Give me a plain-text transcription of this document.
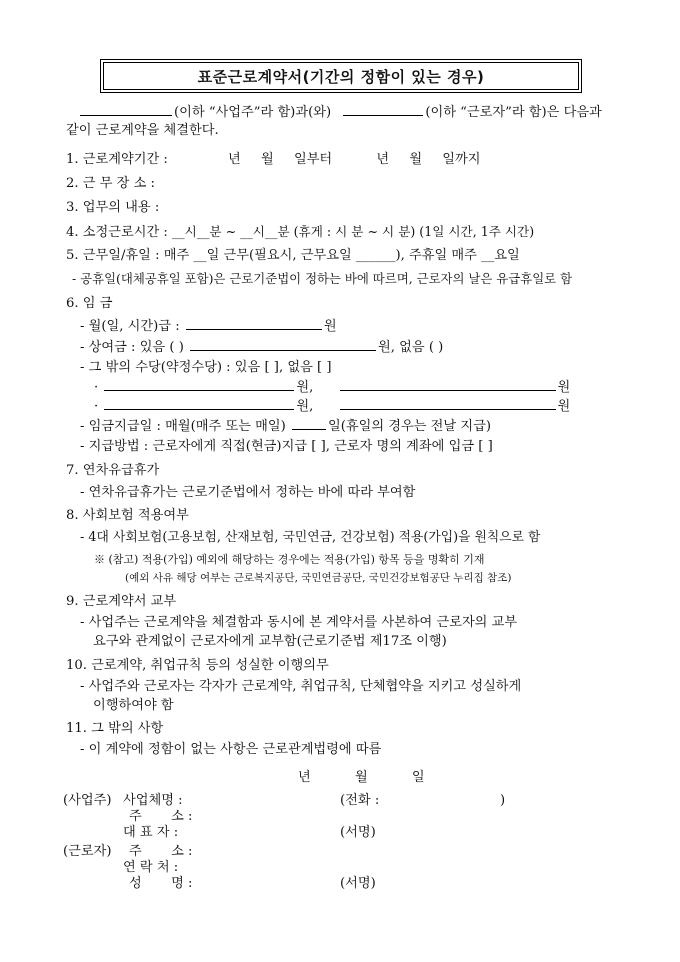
표준근로계약서(기간의 정함이 있는 경우)
(이하 “사업주”라 함)과(와)	(이하 “근로자”라 함)은 다음과
같이 근로계약을 체결한다.
1. 근로계약기간 :	년 월 일부터	년 월 일까지
2. 근 무 장 소 :
3. 업무의 내용 :
4. 소정근로시간 : __시__분 ~ __시__분 (휴게 : 시 분 ~ 시 분) (1일 시간, 1주 시간)
5. 근무일/휴일 : 매주 __일 근무(필요시, 근무요일 ______), 주휴일 매주 __요일
- 공휴일(대체공휴일 포함)은 근로기준법이 정하는 바에 따르며, 근로자의 날은 유급휴일로 함
6. 임 금
- 월(일, 시간)급 :	원
- 상여금 : 있음 ( )	원, 없음 ( )
- 그 밖의 수당(약정수당) : 있음 [ ], 없음 [ ]
·	원,	원
·	원,	원
- 임금지급일 : 매월(매주 또는 매일)	일(휴일의 경우는 전날 지급)
- 지급방법 : 근로자에게 직접(현금)지급 [ ], 근로자 명의 계좌에 입금 [ ]
7. 연차유급휴가
- 연차유급휴가는 근로기준법에서 정하는 바에 따라 부여함
8. 사회보험 적용여부
- 4대 사회보험(고용보험, 산재보험, 국민연금, 건강보험) 적용(가입)을 원칙으로 함
※ (참고) 적용(가입) 예외에 해당하는 경우에는 적용(가입) 항목 등을 명확히 기재
(예외 사유 해당 여부는 근로복지공단, 국민연금공단, 국민건강보험공단 누리집 참조)
9. 근로계약서 교부
- 사업주는 근로계약을 체결함과 동시에 본 계약서를 사본하여 근로자의 교부
요구와 관계없이 근로자에게 교부함(근로기준법 제17조 이행)
10. 근로계약, 취업규칙 등의 성실한 이행의무
- 사업주와 근로자는 각자가 근로계약, 취업규칙, 단체협약을 지키고 성실하게
이행하여야 함
11. 그 밖의 사항
- 이 계약에 정함이 없는 사항은 근로관계법령에 따름
년	월	일
(사업주) 사업체명 :	(전화 :	)
주       소 :
대 표 자 :	(서명)
(근로자) 주       소 :
연 락 처 :
성       명 :	(서명)
